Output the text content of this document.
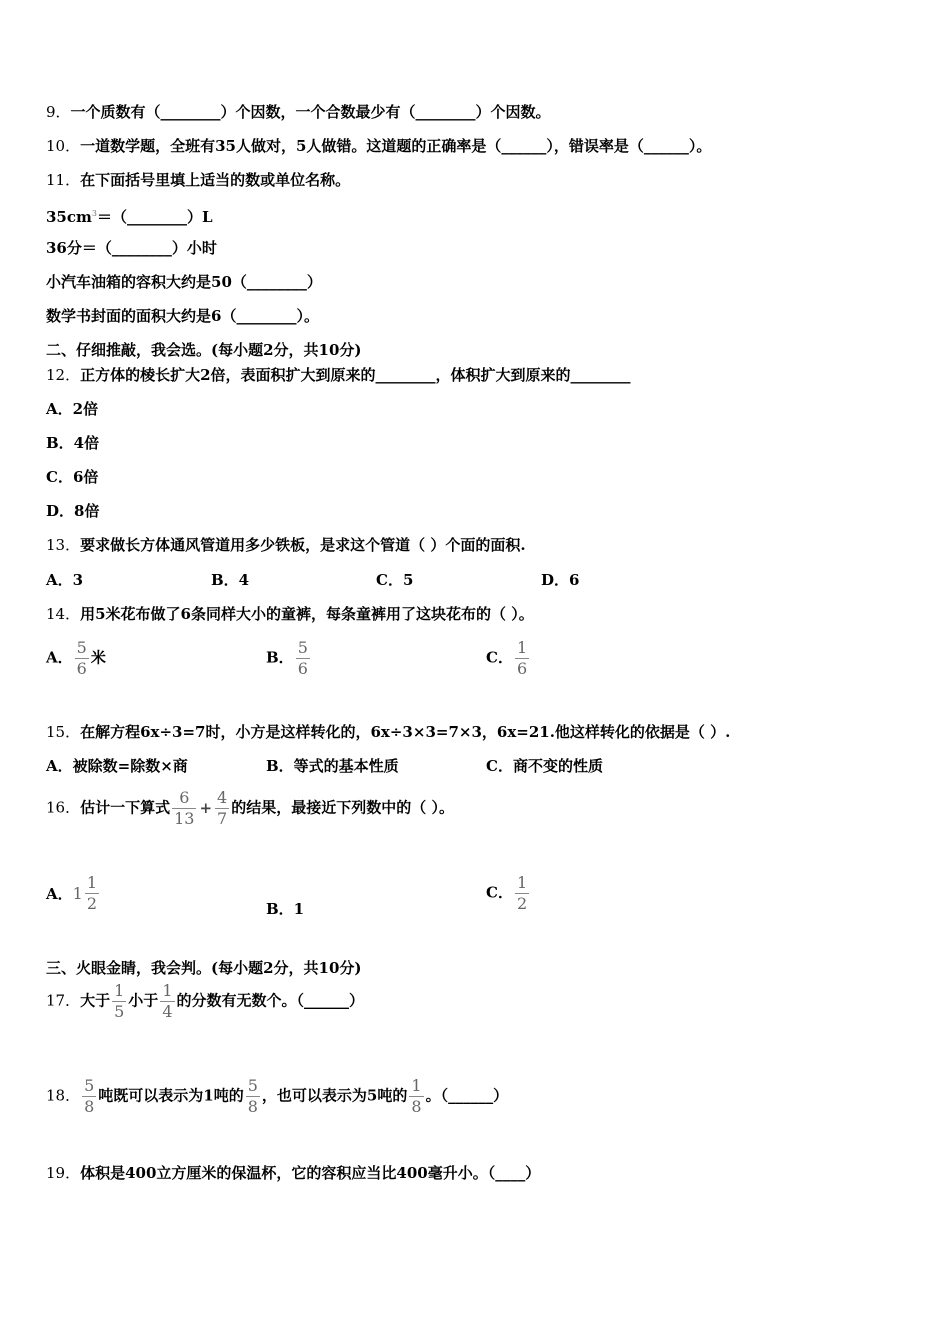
9．一个质数有（________）个因数，一个合数最少有（________）个因数。
10．一道数学题，全班有35人做对，5人做错。这道题的正确率是（______），错误率是（______）。
11．在下面括号里填上适当的数或单位名称。
$35cm^3=(\_\_\_\_\_\_\_\_)L$
36分＝（________）小时
小汽车油箱的容积大约是50（________）
数学书封面的面积大约是6（________）。
二、仔细推敲，我会选。(每小题2分，共10分)
12．正方体的棱长扩大2倍，表面积扩大到原来的________，体积扩大到原来的________
A．2倍
B．4倍
C．6倍
D．8倍
13．要求做长方体通风管道用多少铁板，是求这个管道（ ）个面的面积.
A．3	B．4	C．5	D．6
14．用5米花布做了6条同样大小的童裤，每条童裤用了这块花布的（ ）。
A． $\frac{5}{6}$ 米	B． $\frac{5}{6}$	C． $\frac{1}{6}$
15．在解方程6x÷3=7时，小方是这样转化的，6x÷3×3=7×3，6x=21.他这样转化的依据是（ ）.
A．被除数=除数×商	B．等式的基本性质	C．商不变的性质
16．估计一下算式 $\frac{6}{13} + \frac{4}{7}$ 的结果，最接近下列数中的（ ）。
A． $1 \frac{1}{2}$	B．1
C． $\frac{1}{2}$
三、火眼金睛，我会判。(每小题2分，共10分)
17．大于 $\frac{1}{5}$ 小于 $\frac{1}{4}$ 的分数有无数个。（______）
18． $\frac{5}{8}$ 吨既可以表示为1吨的 $\frac{5}{8}$ ，也可以表示为5吨的 $\frac{1}{8}$ 。（______）
19．体积是400立方厘米的保温杯，它的容积应当比400毫升小。（____）
